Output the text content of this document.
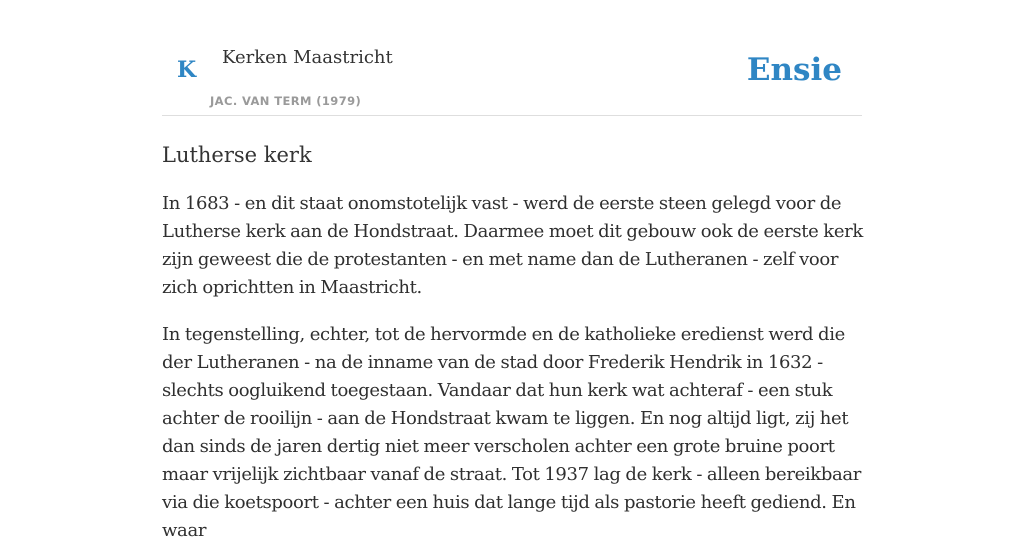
K Kerken Maastricht
JAC. VAN TERM (1979)
Ensie
Lutherse kerk

In 1683 - en dit staat onomstotelijk vast - werd de eerste steen gelegd voor de Lutherse kerk aan de Hondstraat. Daarmee moet dit gebouw ook de eerste kerk zijn geweest die de protestanten - en met name dan de Lutheranen - zelf voor zich oprichtten in Maastricht.

In tegenstelling, echter, tot de hervormde en de katholieke eredienst werd die der Lutheranen - na de inname van de stad door Frederik Hendrik in 1632 - slechts oogluikend toegestaan. Vandaar dat hun kerk wat achteraf - een stuk achter de rooilijn - aan de Hondstraat kwam te liggen. En nog altijd ligt, zij het dan sinds de jaren dertig niet meer verscholen achter een grote bruine poort maar vrijelijk zichtbaar vanaf de straat. Tot 1937 lag de kerk - alleen bereikbaar via die koetspoort - achter een huis dat lange tijd als pastorie heeft gediend. En waar
